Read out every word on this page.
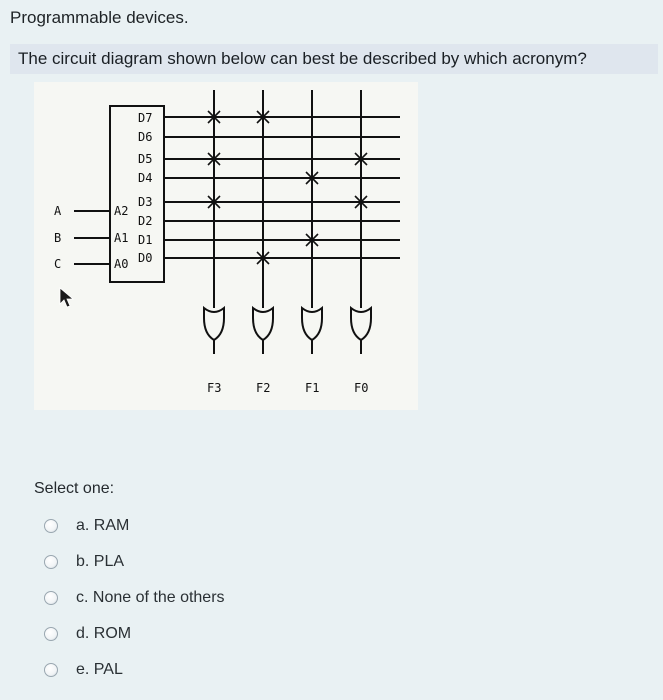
Programmable devices.
The circuit diagram shown below can best be described by which acronym?
D7
D6
D5
D4
D3
D2
D1
D0
A2
A1
A0
A
B
C
F3	F2	F1	F0
Select one:
a. RAM
b. PLA
c. None of the others
d. ROM
e. PAL
